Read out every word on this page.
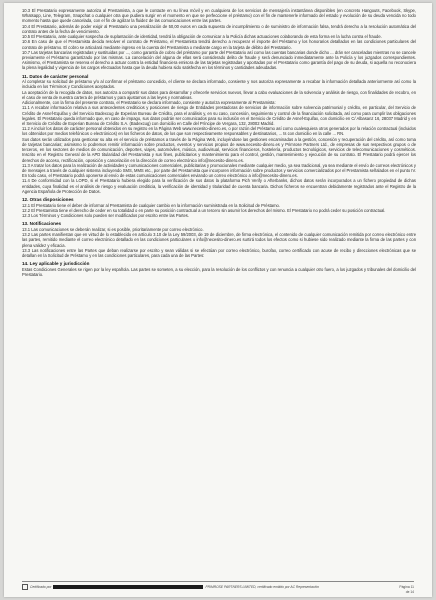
10.3 El Prestatario expresamente autoriza al Prestamista, a que le contacte en su línea móvil y en cualquiera de los servicios de mensajería instantánea disponibles (en concreto Hangouts, Facebook, Skype, Whatsapp, Line, Telegram, Snapchat o cualquier otra que pudiera surgir en el momento en que se perfeccione el préstamo) con el fin de mantenerle informado del estado y evolución de su deuda vencida no todo momento hasta que quede cancelada, con el fin de agilizar la fluidez de las comunicaciones entre las partes.

10.4 El Prestatario, además de poder exigir al Prestatario una penalización de 50,00 euros en cada supuesto de incumplimiento o de suministro de información falsa, tendrá derecho a la resolución automática del contrato antes de la fecha de vencimiento.

10.5 El Prestatario, ante cualquier sospecha de suplantación de identidad, tendrá la obligación de comunicar a la Policía dichas actuaciones colaborando de esta forma en la lucha contra el fraude.

10.6 En caso de que el Prestamista decida resolver el contrato de Préstamo, el Prestamista tendrá derecho a recuperar el importe del Préstamo y los honorarios detallados en las condiciones particulares del contrato de préstamo. El cobro se articulará mediante ingreso en la cuenta del Prestamista o mediante cargo en la tarjeta de débito del Prestatario.

10.7 Las tarjetas bancarias registradas y sustituidas por ..., como garantía de cobro del préstamo por parte del Prestatario así como las cuentas bancarias donde dicho ... drán ser canceladas mientras no se cancele previamente el Préstamo garantizado por las mismas. La cancelación del alguna de ellas será considerado delito de fraude y será denunciado inmediatamente ante la Policía y los juzgados correspondientes. Asimismo, el Prestamista se reserva el derecho a actuar contra la entidad financiera emisora de las tarjetas registradas y aportadas por el Prestatario como garantía del pago de su deuda, si aquella no reconociera la plena legalidad y vigencia de los cargos efectuados hasta que la deuda hubiera sido satisfecha en los términos y cantidades adeudadas.

11. Datos de carácter personal

Al completar su solicitud de préstamo y/o al confirmar el préstamo concedido, el cliente se declara informado, consiente y nos autoriza expresamente a recabar la información detallada anteriormente así como la incluida en los Términos y Condiciones aceptados.

La aceptación de la recogida de datos, nos autoriza a compartir sus datos para desarrollar y ofrecerle servicios nuevos, llevar a cabo evaluaciones de la solvencia y análisis de riesgo, con finalidades de recobro, en el caso de venta de nuestra cartera de préstamos y para ajustarnos a las leyes y normativas.

Adicionalmente, con la firma del presente contrato, el Prestatario se declara informado, consiente y autoriza expresamente al Prestamista:

11.1 A recabar información relativa a sus antecedentes crediticios y posiciones de riesgo de Entidades prestadoras de servicios de información sobre solvencia patrimonial y crédito, en particular, del Servicio de Crédito de Asnef-Equifax y del Servicio Badexcug de Experian Bureau de Crédito, para el análisis y, en su caso, concesión, seguimiento y control de la financiación solicitada, así como para cumplir las obligaciones legales. El Prestatario queda informado que, en caso de impago, sus datos podrán ser comunicados para su inclusión en el Servicio de Crédito de Asnef-Equifax, con domicilio en C/ Albasanz 16, 28037 Madrid y en el Servicio de Crédito de Experian Bureau de Crédito S.A. (Badexcug) con domicilio en Calle del Príncipe de Vergara, 132, 28002 Madrid.

11.2 A incluir los datos de carácter personal obtenidos en su registro en la Página Web www.necesito-dinero.es, o por razón del Préstamo así como cualesquiera otros generados por la relación contractual (incluidos los obtenidos por medios telefónicos o electrónicos) en los ficheros de datos, de los que son respectivamente responsables y destinatarios, ... ts con domicilio en la calle ... RN.

Sus datos serán utilizados para gestionar su alta en el servicio de préstamos a través de la Página Web, incluyéndose las gestiones encaminadas a la gestión, concesión y recuperación del crédito, así como toma de tarjetas bancarias; asimismo lo podremos remitir información sobre productos, eventos y servicios propios de www.necesito-dinero.es y Primrose Partners Ltd., de empresas de sus respectivos grupos o de terceros, en los sectores de medios de comunicación, deportes, viajes, automóviles, música, audiovisual, servicios financieros, hostelería, productos tecnológicos, servicios de telecomunicaciones y cosméticos. Inscrito en el Registro General de la APD titularidad del Prestamista y sus fines, publicitarios y mantenimiento para el control, gestión, mantenimiento y ejecución de su contrato. El Prestatario podrá ejercer los derechos de acceso, rectificación, oposición y cancelación en la dirección de correo electrónico info@necesito-dinero.es.

11.3 A tratar los datos para la realización de actividades y comunicaciones comerciales, publicitarias y promocionales mediante cualquier medio, ya sea tradicional, ya sea mediante el envío de correos electrónicos y de mensajes a través de cualquier sistema incluyendo SMS, MMS etc., por parte del Prestamista que incorporen información sobre productos y servicios comercializados por el Prestamista señalados en el punto IV. En todo caso, el Prestatario podrá oponerse al envío de estas comunicaciones comerciales enviando un correo electrónico a info@necesito-dinero.es.

11.4 De conformidad con la LOPD, si el Prestatario hubiera elegido para la verificación de sus datos la plataforma Pich Verify o Afterbanks, dichos datos serán incorporados a un fichero propiedad de dichas entidades, cuya finalidad es el análisis de riesgo y evaluación crediticia, la verificación de identidad y titularidad de cuenta bancaria. Dichos ficheros se encuentran debidamente registrados ante el Registro de la Agencia Española de Protección de Datos.

12. Otras disposiciones

12.1 El Prestatario tiene el deber de informar al Prestamista de cualquier cambio en la información suministrada en la Solicitud de Préstamo.

12.2 El Prestamista tiene el derecho de ceder en su totalidad o en parte su posición contractual a un tercero sin asumir los derechos del mismo. El Prestatario no podrá ceder su posición contractual.

12.3 Los Términos y Condiciones solo pueden ser modificados por escrito entre las Partes.

13. Notificaciones

13.1 Las comunicaciones se deberán realizar, si es posible, prioritariamente por correo electrónico.

13.2 Las partes manifiestan que en virtud de lo establecido en artículo 3.10 de la Ley 59/2003, de 19 de diciembre, de firma electrónica, el contenido de cualquier comunicación remitida por correo electrónico entre las partes, remitido mediante el correo electrónico detallado en las condiciones particulares o info@necesito-dinero.es surtirá todos los efectos como si hubiese sido realizado mediante la firma de las partes y con plena validez y eficacia.

13.3 Las notificaciones entre las Partes que deban realizarse por escrito y sean válidas si se efectúan por correo electrónico, burofax, correo certificado con acuse de recibo y direcciones electrónicas que se detallan en la Solicitud de Préstamo y en las condiciones particulares, para cada una de las Partes:

14. Ley aplicable y jurisdicción

Estas Condiciones Generales se rigen por la ley española. Las partes se someten, a su elección, para la resolución de los conflictos y con renuncia a cualquier otro fuero, a los juzgados y tribunales del domicilio del Prestatario.

Certificado por	PRIMROSE PARTNERS LIMITED, certificado emitido por AC Representación	Página 11
de 14
